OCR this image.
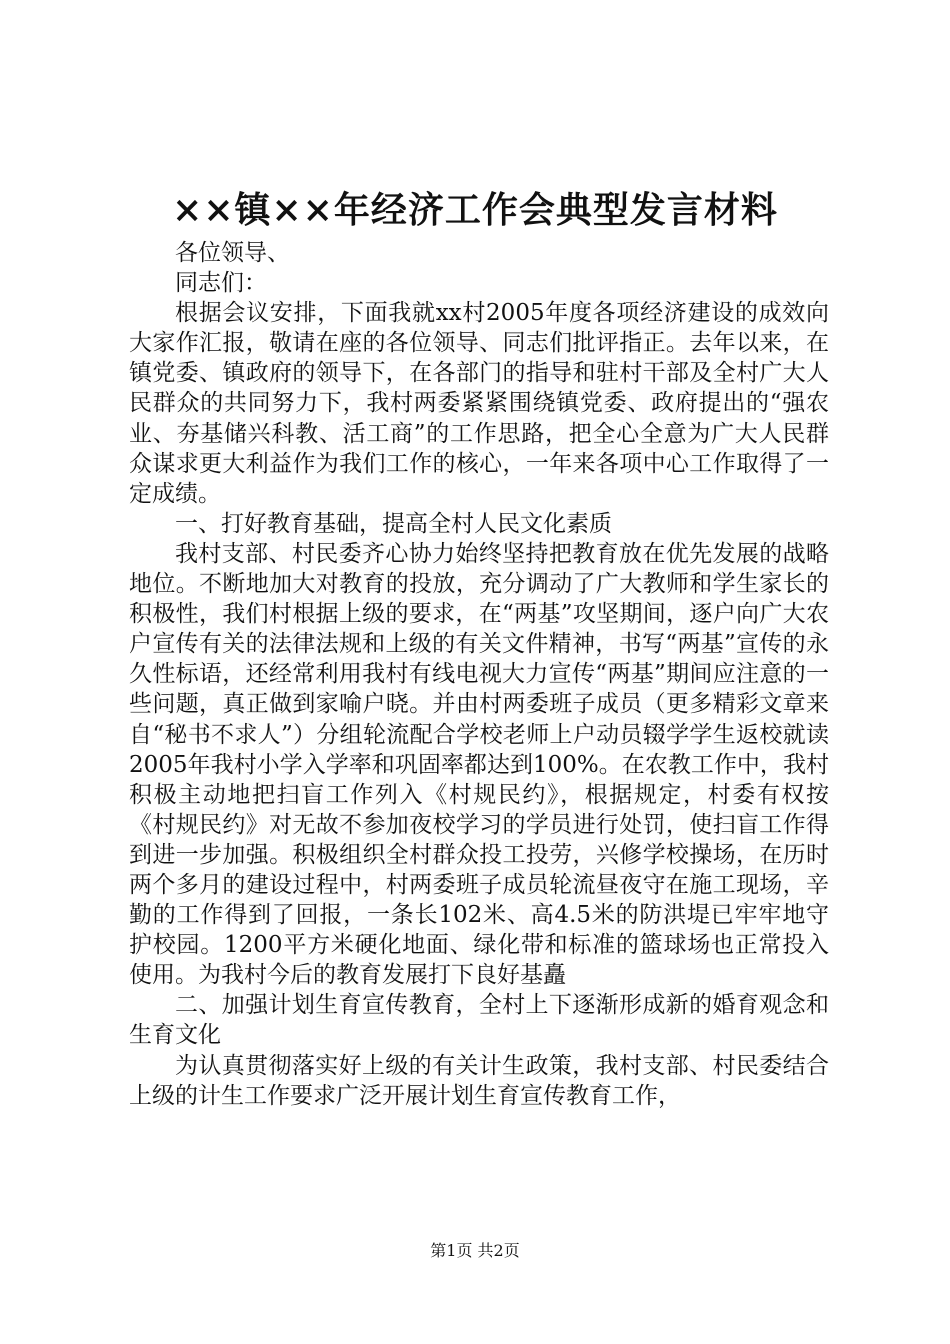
××镇××年经济工作会典型发言材料

各位领导、

同志们：

根据会议安排，下面我就xx村2005年度各项经济建设的成效向大家作汇报，敬请在座的各位领导、同志们批评指正。去年以来，在镇党委、镇政府的领导下，在各部门的指导和驻村干部及全村广大人民群众的共同努力下，我村两委紧紧围绕镇党委、政府提出的“强农业、夯基储兴科教、活工商”的工作思路，把全心全意为广大人民群众谋求更大利益作为我们工作的核心，一年来各项中心工作取得了一定成绩。

一、打好教育基础，提高全村人民文化素质

我村支部、村民委齐心协力始终坚持把教育放在优先发展的战略地位。不断地加大对教育的投放，充分调动了广大教师和学生家长的积极性，我们村根据上级的要求，在“两基”攻坚期间，逐户向广大农户宣传有关的法律法规和上级的有关文件精神，书写“两基”宣传的永久性标语，还经常利用我村有线电视大力宣传“两基”期间应注意的一些问题，真正做到家喻户晓。并由村两委班子成员（更多精彩文章来自“秘书不求人”）分组轮流配合学校老师上户动员辍学学生返校就读2005年我村小学入学率和巩固率都达到100%。在农教工作中，我村积极主动地把扫盲工作列入《村规民约》，根据规定，村委有权按《村规民约》对无故不参加夜校学习的学员进行处罚，使扫盲工作得到进一步加强。积极组织全村群众投工投劳，兴修学校操场，在历时两个多月的建设过程中，村两委班子成员轮流昼夜守在施工现场，辛勤的工作得到了回报，一条长102米、高4.5米的防洪堤已牢牢地守护校园。1200平方米硬化地面、绿化带和标准的篮球场也正常投入使用。为我村今后的教育发展打下良好基矗

二、加强计划生育宣传教育，全村上下逐渐形成新的婚育观念和生育文化

为认真贯彻落实好上级的有关计生政策，我村支部、村民委结合上级的计生工作要求广泛开展计划生育宣传教育工作，

第1页 共2页
